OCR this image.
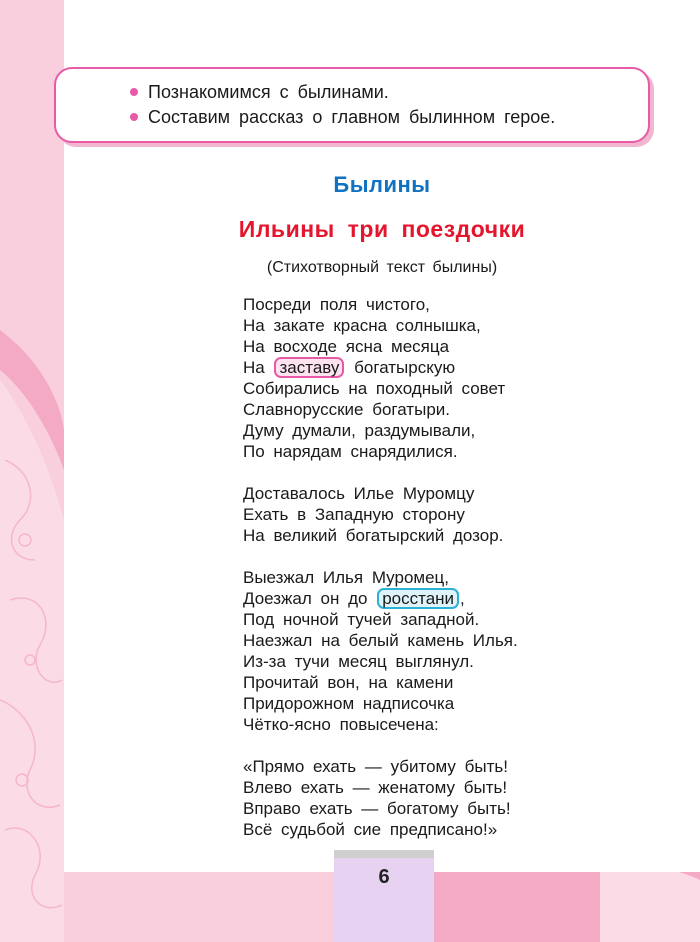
Познакомимся с былинами.
Составим рассказ о главном былинном герое.
Былины
Ильины три поездочки
(Стихотворный текст былины)
Посреди поля чистого,
На закате красна солнышка,
На восходе ясна месяца
На заставу богатырскую
Собирались на походный совет
Славнорусские богатыри.
Думу думали, раздумывали,
По нарядам снарядилися.
Доставалось Илье Муромцу
Ехать в Западную сторону
На великий богатырский дозор.
Выезжал Илья Муромец,
Доезжал он до росстани ,
Под ночной тучей западной.
Наезжал на белый камень Илья.
Из-за тучи месяц выглянул.
Прочитай вон, на камени
Придорожном надписочка
Чётко-ясно повысечена:
«Прямо ехать — убитому быть!
Влево ехать — женатому быть!
Вправо ехать — богатому быть!
Всё судьбой сие предписано!»
6
